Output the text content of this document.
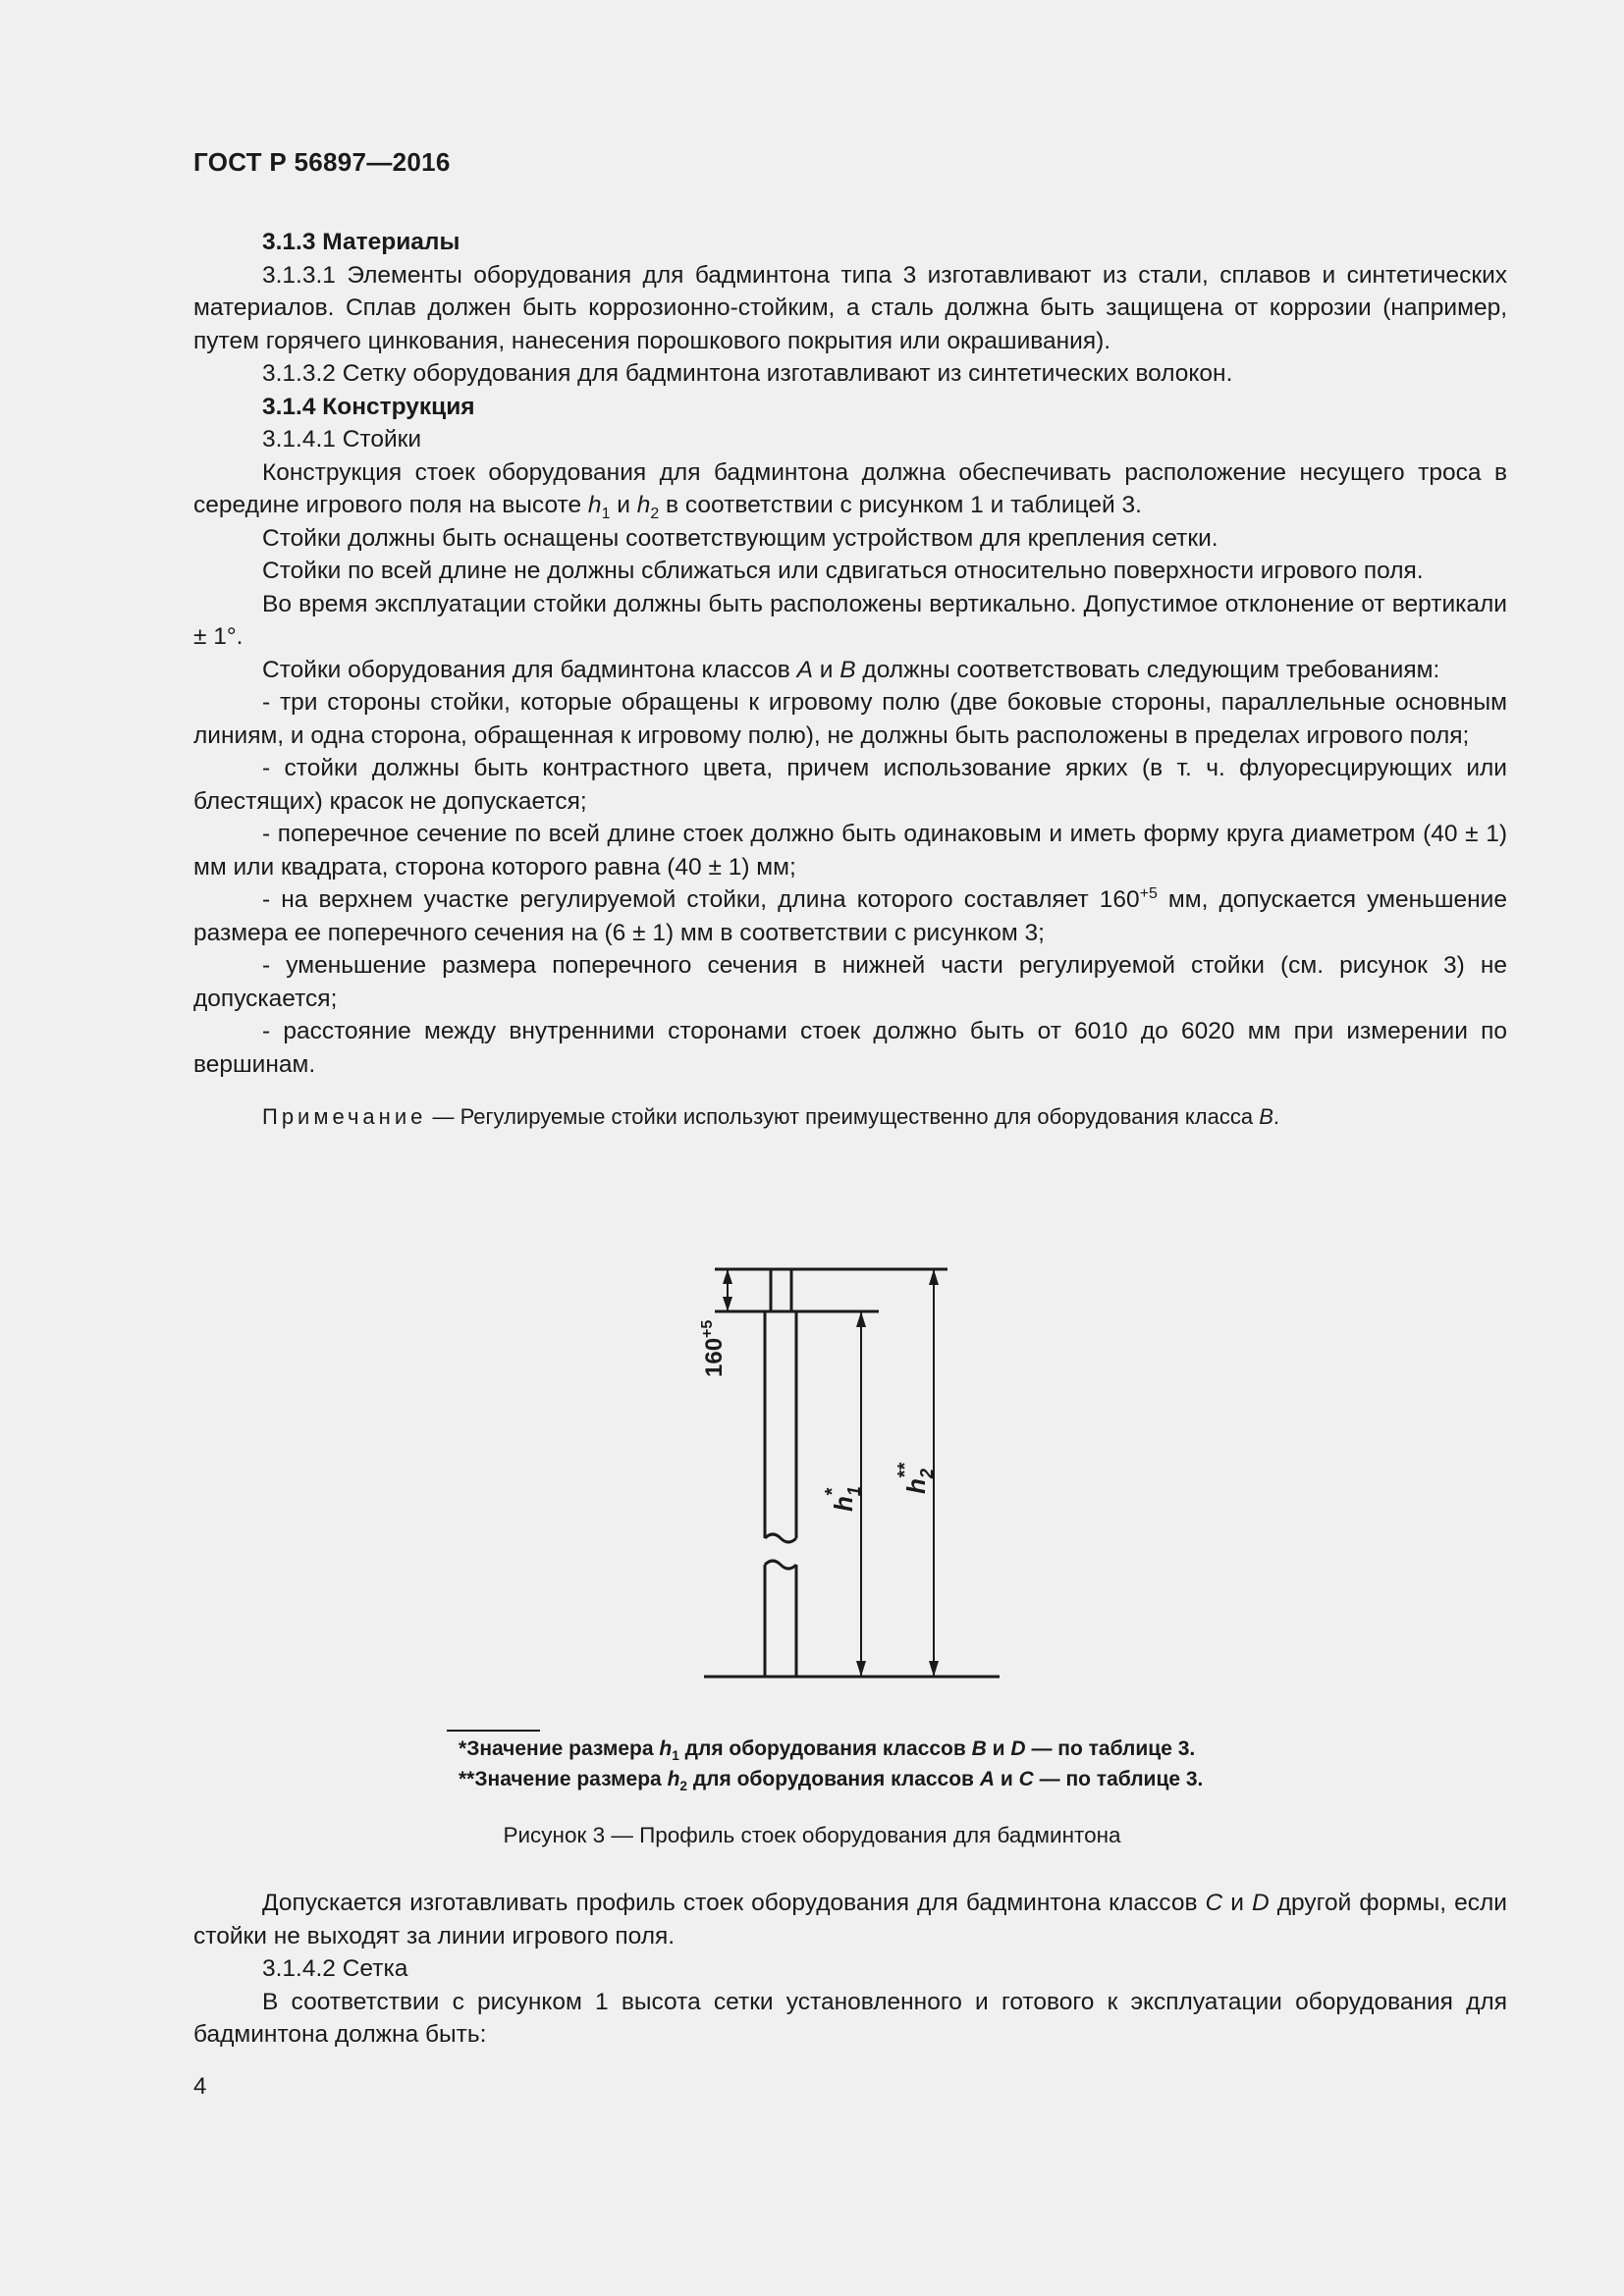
ГОСТ Р 56897—2016

3.1.3 Материалы

3.1.3.1 Элементы оборудования для бадминтона типа 3 изготавливают из стали, сплавов и синтетических материалов. Сплав должен быть коррозионно-стойким, а сталь должна быть защищена от коррозии (например, путем горячего цинкования, нанесения порошкового покрытия или окрашивания).

3.1.3.2 Сетку оборудования для бадминтона изготавливают из синтетических волокон.

3.1.4 Конструкция

3.1.4.1 Стойки

Конструкция стоек оборудования для бадминтона должна обеспечивать расположение несущего троса в середине игрового поля на высоте $h_1$ и $h_2$ в соответствии с рисунком 1 и таблицей 3.

Стойки должны быть оснащены соответствующим устройством для крепления сетки.

Стойки по всей длине не должны сближаться или сдвигаться относительно поверхности игрового поля.

Во время эксплуатации стойки должны быть расположены вертикально. Допустимое отклонение от вертикали ± 1°.

Стойки оборудования для бадминтона классов A и B должны соответствовать следующим требованиям:

- три стороны стойки, которые обращены к игровому полю (две боковые стороны, параллельные основным линиям, и одна сторона, обращенная к игровому полю), не должны быть расположены в пределах игрового поля;

- стойки должны быть контрастного цвета, причем использование ярких (в т. ч. флуоресцирующих или блестящих) красок не допускается;

- поперечное сечение по всей длине стоек должно быть одинаковым и иметь форму круга диаметром (40 ± 1) мм или квадрата, сторона которого равна (40 ± 1) мм;

- на верхнем участке регулируемой стойки, длина которого составляет $160^{+5}$ мм, допускается уменьшение размера ее поперечного сечения на (6 ± 1) мм в соответствии с рисунком 3;

- уменьшение размера поперечного сечения в нижней части регулируемой стойки (см. рисунок 3) не допускается;

- расстояние между внутренними сторонами стоек должно быть от 6010 до 6020 мм при измерении по вершинам.

Примечание — Регулируемые стойки используют преимущественно для оборудования класса B.

$160^{+5}$
$h_1*$	$h_2**$
*Значение размера $h_1$ для оборудования классов B и D — по таблице 3.
**Значение размера $h_2$ для оборудования классов A и C — по таблице 3.
Рисунок 3 — Профиль стоек оборудования для бадминтона

Допускается изготавливать профиль стоек оборудования для бадминтона классов C и D другой формы, если стойки не выходят за линии игрового поля.

3.1.4.2 Сетка

В соответствии с рисунком 1 высота сетки установленного и готового к эксплуатации оборудования для бадминтона должна быть:

4
